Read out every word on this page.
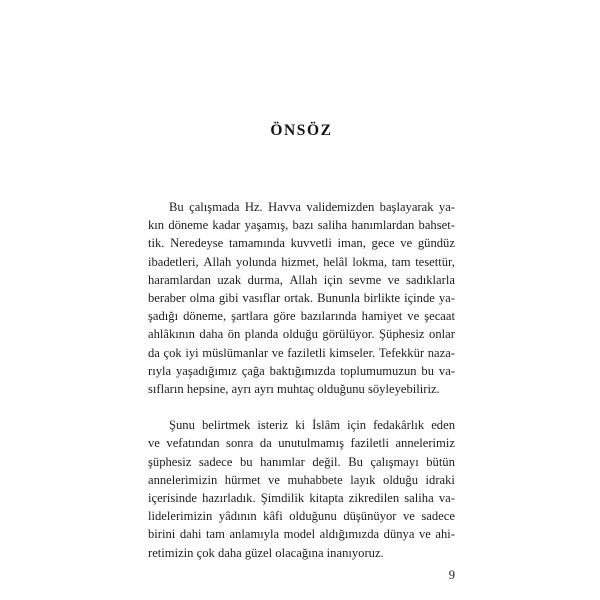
ÖNSÖZ
Bu çalışmada Hz. Havva validemizden başlayarak ya-
kın döneme kadar yaşamış, bazı saliha hanımlardan bahset-
tik. Neredeyse tamamında kuvvetli iman, gece ve gündüz
ibadetleri, Allah yolunda hizmet, helâl lokma, tam tesettür,
haramlardan uzak durma, Allah için sevme ve sadıklarla
beraber olma gibi vasıflar ortak. Bununla birlikte içinde ya-
şadığı döneme, şartlara göre bazılarında hamiyet ve şecaat
ahlâkının daha ön planda olduğu görülüyor. Şüphesiz onlar
da çok iyi müslümanlar ve faziletli kimseler. Tefekkür naza-
rıyla yaşadığımız çağa baktığımızda toplumumuzun bu va-
sıfların hepsine, ayrı ayrı muhtaç olduğunu söyleyebiliriz.
Şunu belirtmek isteriz ki İslâm için fedakârlık eden
ve vefatından sonra da unutulmamış faziletli annelerimiz
şüphesiz sadece bu hanımlar değil. Bu çalışmayı bütün
annelerimizin hürmet ve muhabbete layık olduğu idraki
içerisinde hazırladık. Şimdilik kitapta zikredilen saliha va-
lidelerimizin yâdının kâfi olduğunu düşünüyor ve sadece
birini dahi tam anlamıyla model aldığımızda dünya ve ahi-
retimizin çok daha güzel olacağına inanıyoruz.
9
